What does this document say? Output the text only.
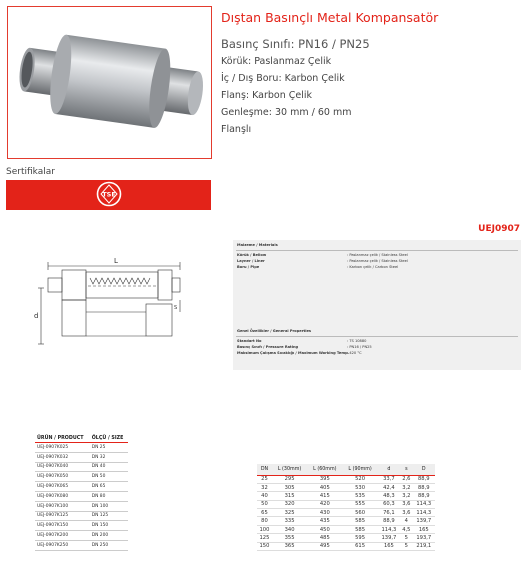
Sertifikalar
TSE
Dıştan Basınçlı Metal Kompansatör
Basınç Sınıfı: PN16 / PN25
Körük: Paslanmaz Çelik
İç / Dış Boru: Karbon Çelik
Flanş: Karbon Çelik
Genleşme: 30 mm / 60 mm
Flanşlı
UEJ0907
L
d
S
Malzeme / Materials
Körük / Bellow	: Paslanmaz çelik / Stainless Steel
Layner / Liner	: Paslanmaz çelik / Stainless Steel
Boru / Pipe	: Karbon çelik / Carbon Steel
Genel Özellikler / General Properties
Standart No	: TS 10880
Basınç Sınıfı / Pressure Rating	: PN16 / PN25
Maksimum Çalışma Sıcaklığı / Maximum Working Temp.
: 420 °C
ÜRÜN / PRODUCT	ÖLÇÜ / SIZE
UEJ-0907K025	DN 25
UEJ-0907K032	DN 32
UEJ-0907K040	DN 40
UEJ-0907K050	DN 50
UEJ-0907K065	DN 65
UEJ-0907K080	DN 80
UEJ-0907K100	DN 100
UEJ-0907K125	DN 125
UEJ-0907K150	DN 150
UEJ-0907K200	DN 200
UEJ-0907K250	DN 250
DN	L (30mm)	L (60mm)	L (90mm)	d	s	D
25	295	395	520	33,7	2,6	88,9
32	305	405	530	42,4	3,2	88,9
40	315	415	535	48,3	3,2	88,9
50	320	420	555	60,3	3,6	114,3
65	325	430	560	76,1	3,6	114,3
80	335	435	585	88,9	4	139,7
100	340	450	585	114,3	4,5	165
125	355	485	595	139,7	5	193,7
150	365	495	615	165	5	219,1
